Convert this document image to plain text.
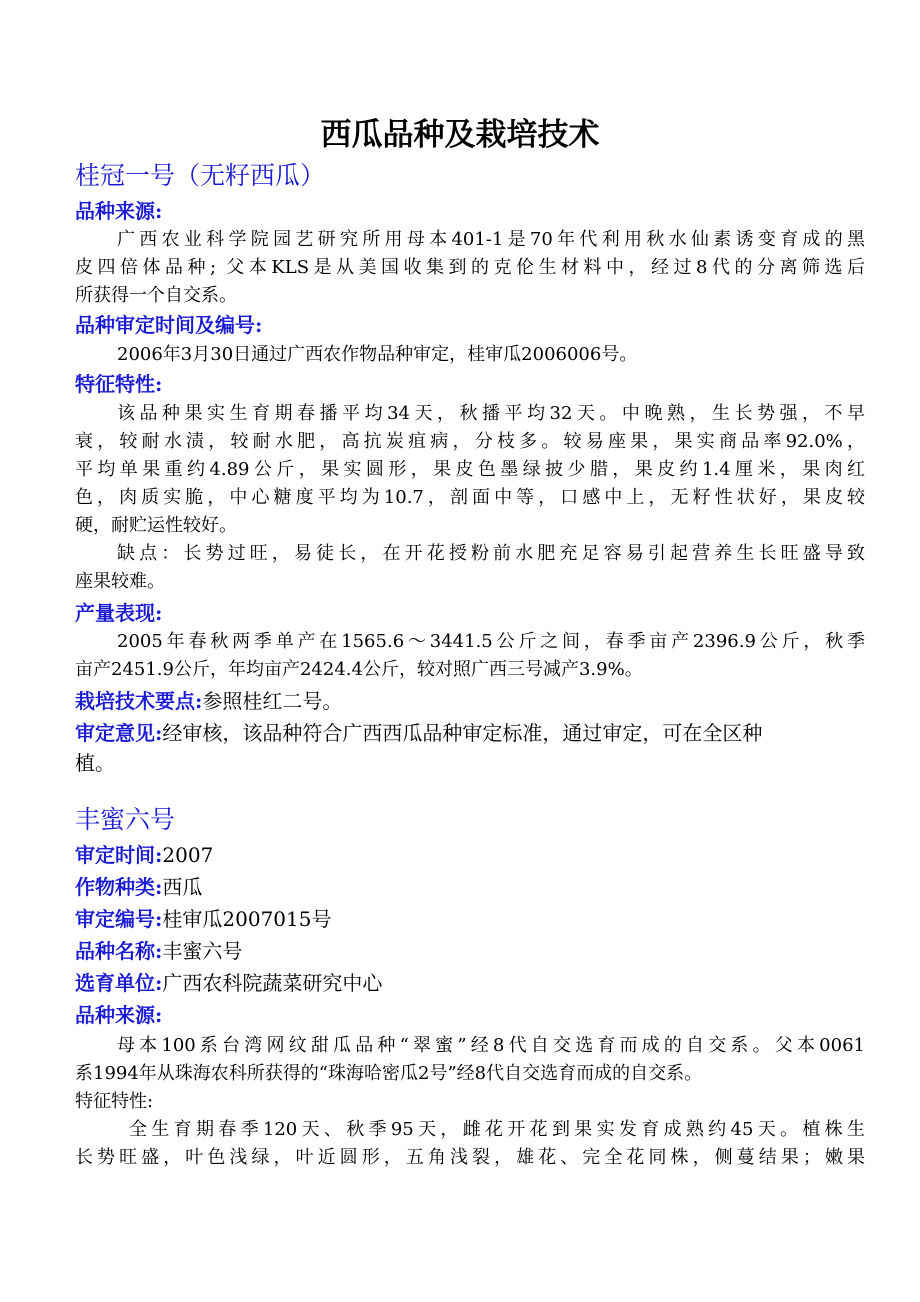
西瓜品种及栽培技术
桂冠一号（无籽西瓜）
品种来源:
广西农业科学院园艺研究所用母本401-1是70年代利用秋水仙素诱变育成的黑
皮四倍体品种; 父本KLS是从美国收集到的克伦生材料中，经过8代的分离筛选后
所获得一个自交系。
品种审定时间及编号:
2006年3月30日通过广西农作物品种审定，桂审瓜2006006号。
特征特性:
该品种果实生育期春播平均34天，秋播平均32天。中晚熟，生长势强，不早
衰，较耐水渍，较耐水肥，高抗炭疽病，分枝多。较易座果，果实商品率92.0%，
平均单果重约4.89公斤，果实圆形，果皮色墨绿披少腊，果皮约1.4厘米，果肉红
色，肉质实脆，中心糖度平均为10.7，剖面中等，口感中上，无籽性状好，果皮较
硬，耐贮运性较好。
缺点：长势过旺，易徒长，在开花授粉前水肥充足容易引起营养生长旺盛导致
座果较难。
产量表现:
2005年春秋两季单产在1565.6～3441.5公斤之间，春季亩产2396.9公斤，秋季
亩产2451.9公斤，年均亩产2424.4公斤，较对照广西三号减产3.9%。
栽培技术要点:参照桂红二号。
审定意见:经审核，该品种符合广西西瓜品种审定标准，通过审定，可在全区种
植。
丰蜜六号
审定时间:2007
作物种类:西瓜
审定编号:桂审瓜2007015号
品种名称:丰蜜六号
选育单位:广西农科院蔬菜研究中心
品种来源:
母本100系台湾网纹甜瓜品种“翠蜜”经8代自交选育而成的自交系。父本0061
系1994年从珠海农科所获得的“珠海哈密瓜2号”经8代自交选育而成的自交系。
特征特性:
全生育期春季120天、秋季95天，雌花开花到果实发育成熟约45天。植株生
长势旺盛，叶色浅绿，叶近圆形，五角浅裂，雄花、完全花同株，侧蔓结果；嫩果
